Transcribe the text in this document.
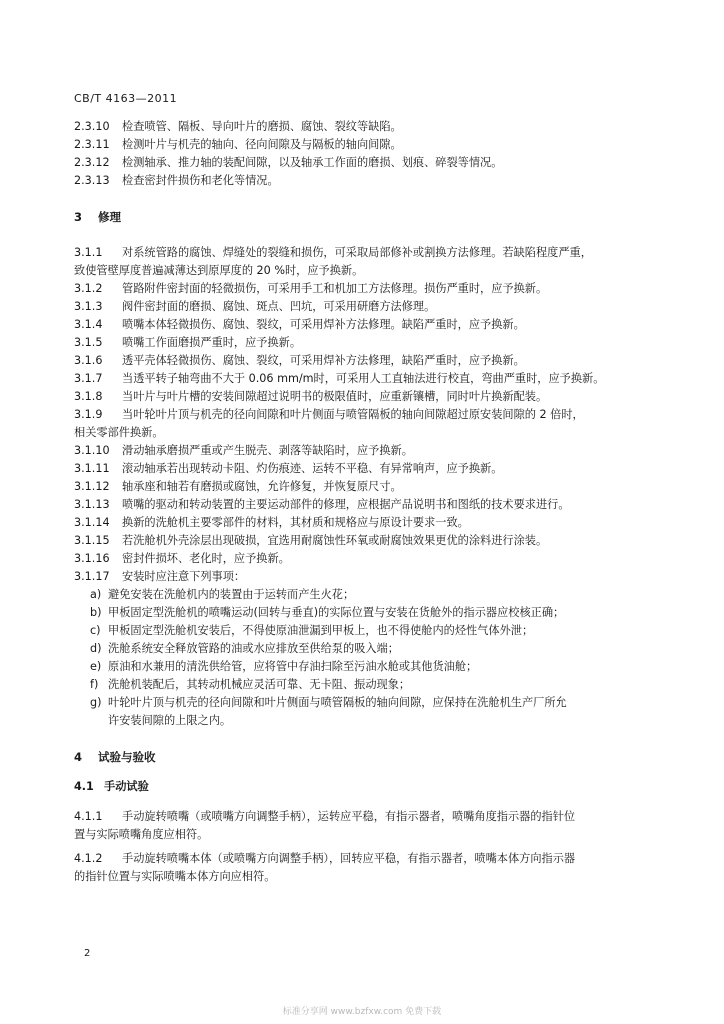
CB/T 4163—2011
2.3.10	检查喷管、隔板、导向叶片的磨损、腐蚀、裂纹等缺陷。
2.3.11	检测叶片与机壳的轴向、径向间隙及与隔板的轴向间隙。
2.3.12	检测轴承、推力轴的装配间隙，以及轴承工作面的磨损、划痕、碎裂等情况。
2.3.13	检查密封件损伤和老化等情况。
3 修理
3.1.1	对系统管路的腐蚀、焊缝处的裂缝和损伤，可采取局部修补或割换方法修理。若缺陷程度严重，
致使管壁厚度普遍减薄达到原厚度的 20 %时，应予换新。
3.1.2	管路附件密封面的轻微损伤，可采用手工和机加工方法修理。损伤严重时，应予换新。
3.1.3	阀件密封面的磨损、腐蚀、斑点、凹坑，可采用研磨方法修理。
3.1.4	喷嘴本体轻微损伤、腐蚀、裂纹，可采用焊补方法修理。缺陷严重时，应予换新。
3.1.5	喷嘴工作面磨损严重时，应予换新。
3.1.6	透平壳体轻微损伤、腐蚀、裂纹，可采用焊补方法修理，缺陷严重时，应予换新。
3.1.7	当透平转子轴弯曲不大于 0.06 mm/m时，可采用人工直轴法进行校直，弯曲严重时，应予换新。
3.1.8	当叶片与叶片槽的安装间隙超过说明书的极限值时，应重新镶槽，同时叶片换新配装。
3.1.9	当叶轮叶片顶与机壳的径向间隙和叶片侧面与喷管隔板的轴向间隙超过原安装间隙的 2 倍时，
相关零部件换新。
3.1.10	滑动轴承磨损严重或产生脱壳、剥落等缺陷时，应予换新。
3.1.11	滚动轴承若出现转动卡阻、灼伤痕迹、运转不平稳、有异常响声，应予换新。
3.1.12	轴承座和轴若有磨损或腐蚀，允许修复，并恢复原尺寸。
3.1.13	喷嘴的驱动和转动装置的主要运动部件的修理，应根据产品说明书和图纸的技术要求进行。
3.1.14	换新的洗舱机主要零部件的材料，其材质和规格应与原设计要求一致。
3.1.15	若洗舱机外壳涂层出现破损，宜选用耐腐蚀性环氧或耐腐蚀效果更优的涂料进行涂装。
3.1.16	密封件损坏、老化时，应予换新。
3.1.17	安装时应注意下列事项：
a) 避免安装在洗舱机内的装置由于运转而产生火花；
b) 甲板固定型洗舱机的喷嘴运动(回转与垂直)的实际位置与安装在货舱外的指示器应校核正确；
c) 甲板固定型洗舱机安装后，不得使原油泄漏到甲板上，也不得使舱内的烃性气体外泄；
d) 洗舱系统安全释放管路的油或水应排放至供给泵的吸入端；
e) 原油和水兼用的清洗供给管，应将管中存油扫除至污油水舱或其他货油舱；
f) 洗舱机装配后，其转动机械应灵活可靠、无卡阻、振动现象；
g) 叶轮叶片顶与机壳的径向间隙和叶片侧面与喷管隔板的轴向间隙，应保持在洗舱机生产厂所允
许安装间隙的上限之内。
4 试验与验收
4.1 手动试验
4.1.1	手动旋转喷嘴（或喷嘴方向调整手柄），运转应平稳，有指示器者，喷嘴角度指示器的指针位
置与实际喷嘴角度应相符。
4.1.2	手动旋转喷嘴本体（或喷嘴方向调整手柄），回转应平稳，有指示器者，喷嘴本体方向指示器
的指针位置与实际喷嘴本体方向应相符。
2
标准分享网 www.bzfxw.com 免费下载
